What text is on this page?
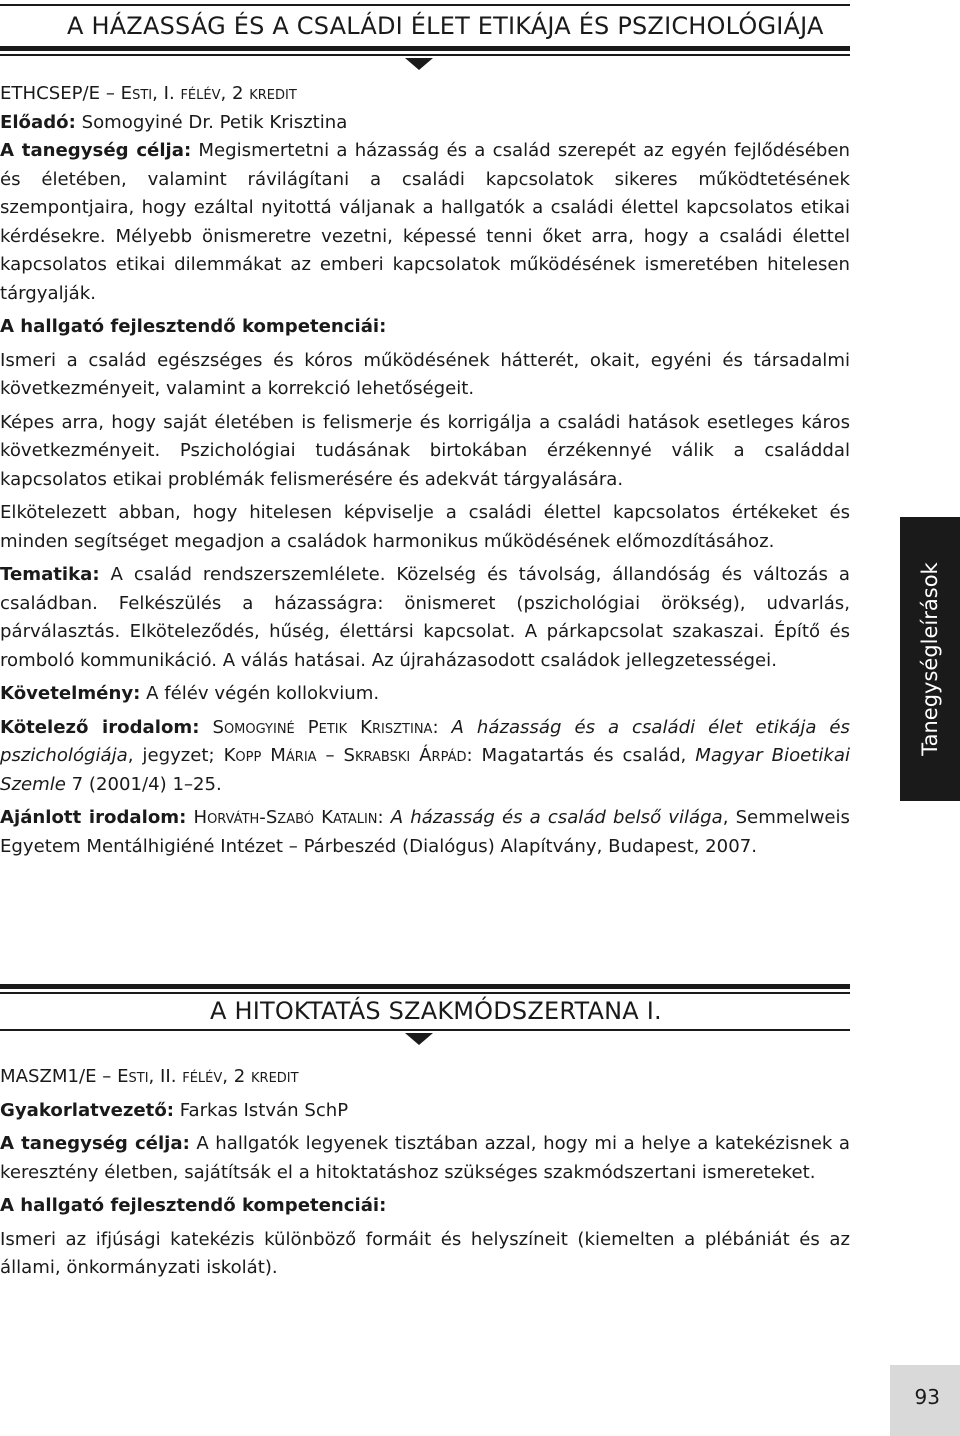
A HÁZASSÁG ÉS A CSALÁDI ÉLET ETIKÁJA ÉS PSZICHOLÓGIÁJA

ETHCSEP/E – Esti, I. félév, 2 kredit

Előadó: Somogyiné Dr. Petik Krisztina

A tanegység célja: Megismertetni a házasság és a család szerepét az egyén fejlődésében és életében, valamint rávilágítani a családi kapcsolatok sikeres működtetésének szempontjaira, hogy ezáltal nyitottá váljanak a hallgatók a családi élettel kapcsolatos etikai kérdésekre. Mélyebb önismeretre vezetni, képessé tenni őket arra, hogy a családi élettel kapcsolatos etikai dilemmákat az emberi kapcsolatok működésének ismeretében hitelesen tárgyalják.

A hallgató fejlesztendő kompetenciái:

Ismeri a család egészséges és kóros működésének hátterét, okait, egyéni és társadalmi következményeit, valamint a korrekció lehetőségeit.

Képes arra, hogy saját életében is felismerje és korrigálja a családi hatások esetleges káros következményeit. Pszichológiai tudásának birtokában érzékennyé válik a családdal kapcsolatos etikai problémák felismerésére és adekvát tárgyalására.

Elkötelezett abban, hogy hitelesen képviselje a családi élettel kapcsolatos értékeket és minden segítséget megadjon a családok harmonikus működésének előmozdításához.

Tematika: A család rendszerszemlélete. Közelség és távolság, állandóság és változás a családban. Felkészülés a házasságra: önismeret (pszichológiai örökség), udvarlás, párválasztás. Elköteleződés, hűség, élettársi kapcsolat. A párkapcsolat szakaszai. Építő és romboló kommunikáció. A válás hatásai. Az újraházasodott családok jellegzetességei.

Követelmény: A félév végén kollokvium.

Kötelező irodalom: Somogyiné Petik Krisztina: A házasság és a családi élet etikája és pszichológiája, jegyzet; Kopp Mária – Skrabski Árpád: Magatartás és család, Magyar Bioetikai Szemle 7 (2001/4) 1–25.

Ajánlott irodalom: Horváth-Szabó Katalin: A házasság és a család belső világa, Semmelweis Egyetem Mentálhigiéné Intézet – Párbeszéd (Dialógus) Alapítvány, Budapest, 2007.

A HITOKTATÁS SZAKMÓDSZERTANA I.

MASZM1/E – Esti, II. félév, 2 kredit

Gyakorlatvezető: Farkas István SchP

A tanegység célja: A hallgatók legyenek tisztában azzal, hogy mi a helye a katekézisnek a keresztény életben, sajátítsák el a hitoktatáshoz szükséges szakmódszertani ismereteket.

A hallgató fejlesztendő kompetenciái:

Ismeri az ifjúsági katekézis különböző formáit és helyszíneit (kiemelten a plébániát és az állami, önkormányzati iskolát).

Tanegységleírások
93
